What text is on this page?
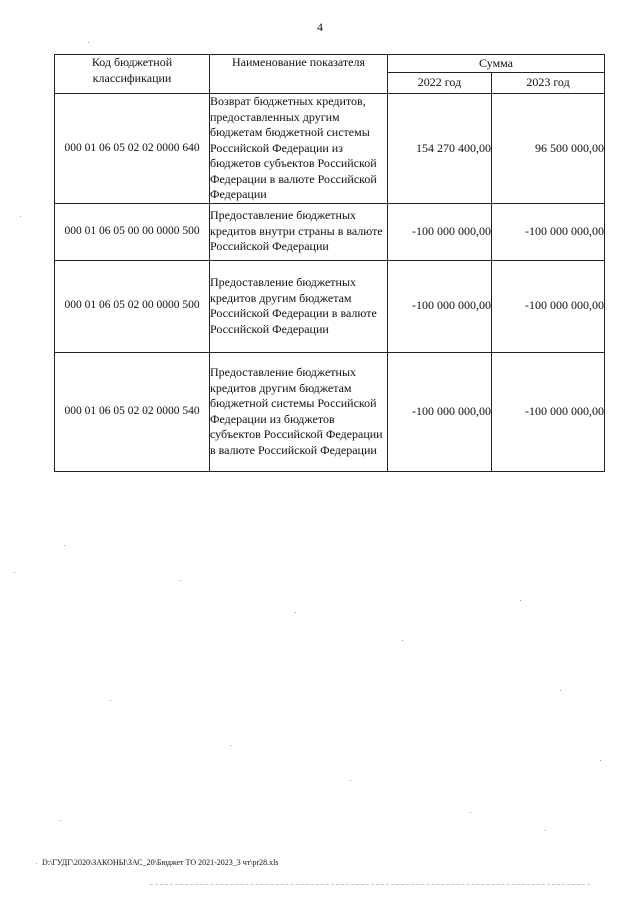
4
Код бюджетной классификации	Наименование показателя	Сумма	
		2022 год	2023 год
000 01 06 05 02 02 0000 640	Возврат бюджетных кредитов, предоставленных другим бюджетам бюджетной системы Российской Федерации из бюджетов субъектов Российской Федерации в валюте Российской Федерации	154 270 400,00	96 500 000,00
000 01 06 05 00 00 0000 500	Предоставление бюджетных кредитов внутри страны в валюте Российской Федерации	-100 000 000,00	-100 000 000,00
000 01 06 05 02 00 0000 500	Предоставление бюджетных кредитов другим бюджетам Российской Федерации в валюте Российской Федерации	-100 000 000,00	-100 000 000,00
000 01 06 05 02 02 0000 540	Предоставление бюджетных кредитов другим бюджетам бюджетной системы Российской Федерации из бюджетов субъектов Российской Федерации в валюте Российской Федерации	-100 000 000,00	-100 000 000,00
D:\ГУДГ\2020\ЗАКОНЫ\ЗАС_20\Бюджет ТО 2021-2023_3 чт\pr28.xls
